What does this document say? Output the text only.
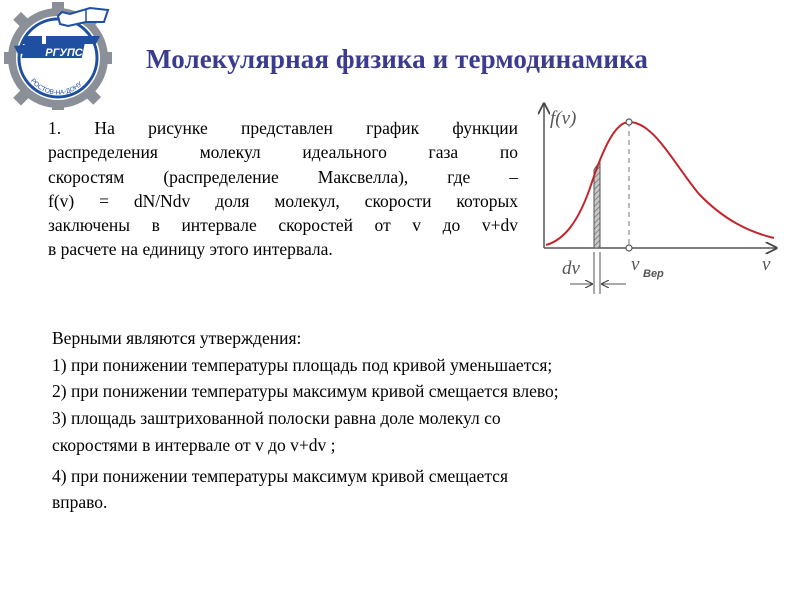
РГУПС
РОСТОВ-НА-ДОНУ
Молекулярная физика и термодинамика
1. На рисунке представлен график функции
распределения молекул идеального газа по
скоростям (распределение Максвелла), где –
f(v) = dN/Ndv доля молекул, скорости которых
заключены в интервале скоростей от v до v+dv
в расчете на единицу этого интервала.
f(v)
v
dv	v Вер
Верными являются утверждения:
1) при понижении температуры площадь под кривой уменьшается;
2) при понижении температуры максимум кривой смещается влево;
3) площадь заштрихованной полоски равна доле молекул со
скоростями в интервале от v до v+dv ;
4) при понижении температуры максимум кривой смещается
вправо.
